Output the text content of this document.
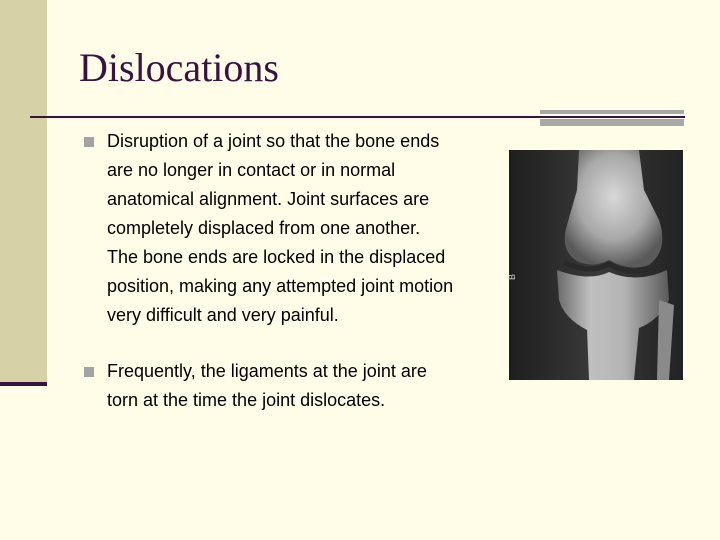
Dislocations
Disruption of a joint so that the bone ends
are no longer in contact or in normal
anatomical alignment. Joint surfaces are
completely displaced from one another.
The bone ends are locked in the displaced
position, making any attempted joint motion
very difficult and very painful.
Frequently, the ligaments at the joint are
torn at the time the joint dislocates.
B
